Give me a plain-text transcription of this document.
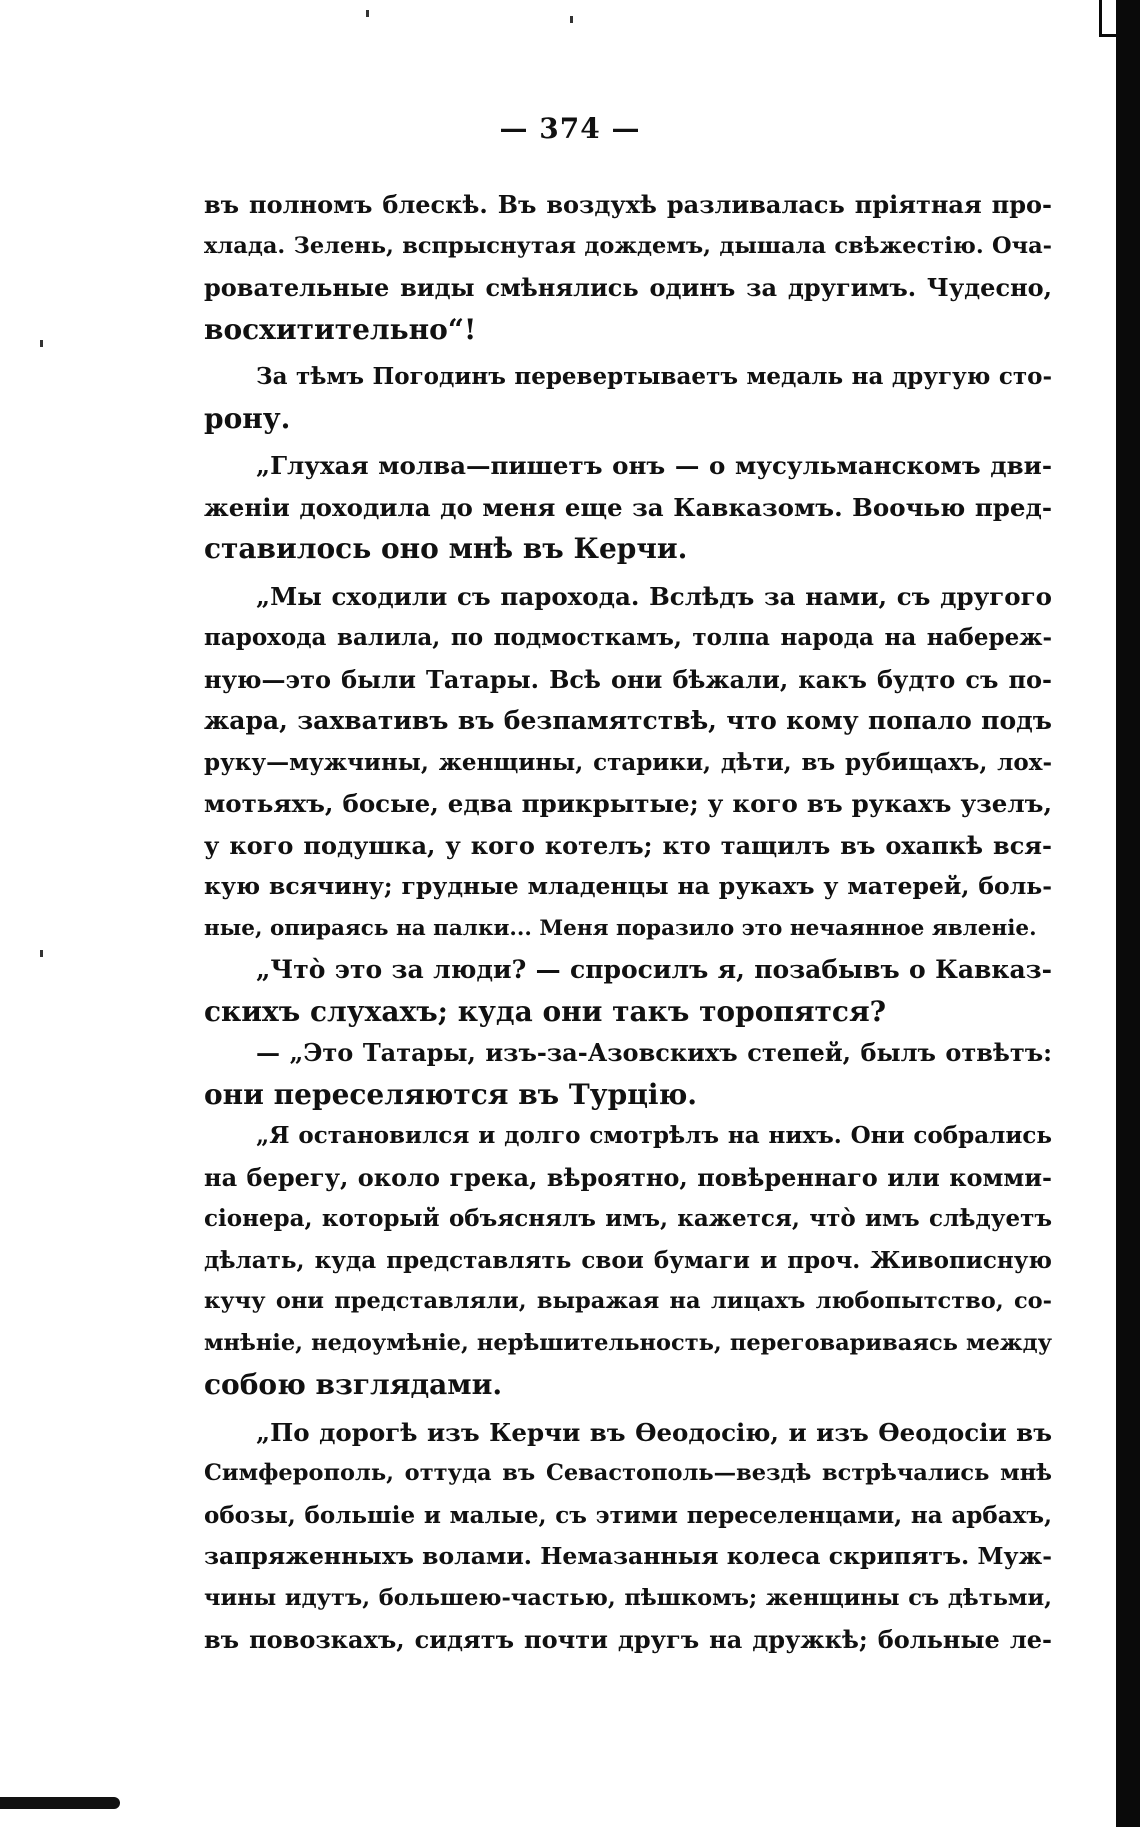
— 374 —
въ полномъ блескѣ. Въ воздухѣ разливалась пріятная про-
хлада. Зелень, вспрыснутая дождемъ, дышала свѣжестію. Оча-
ровательные виды смѣнялись одинъ за другимъ. Чудесно,
восхитительно“!
За тѣмъ Погодинъ перевертываетъ медаль на другую сто-
рону.
„Глухая молва—пишетъ онъ — о мусульманскомъ дви-
женіи доходила до меня еще за Кавказомъ. Воочью пред-
ставилось оно мнѣ въ Керчи.
„Мы сходили съ парохода. Вслѣдъ за нами, съ другого
парохода валила, по подмосткамъ, толпа народа на набереж-
ную—это были Татары. Всѣ они бѣжали, какъ будто съ по-
жара, захвативъ въ безпамятствѣ, что кому попало подъ
руку—мужчины, женщины, старики, дѣти, въ рубищахъ, лох-
мотьяхъ, босые, едва прикрытые; у кого въ рукахъ узелъ,
у кого подушка, у кого котелъ; кто тащилъ въ охапкѣ вся-
кую всячину; грудные младенцы на рукахъ у матерей, боль-
ные, опираясь на палки... Меня поразило это нечаянное явленіе.
„Чтò это за люди? — спросилъ я, позабывъ о Кавказ-
скихъ слухахъ; куда они такъ торопятся?
— „Это Татары, изъ-за-Азовскихъ степей, былъ отвѣтъ:
они переселяются въ Турцію.
„Я остановился и долго смотрѣлъ на нихъ. Они собрались
на берегу, около грека, вѣроятно, повѣреннаго или комми-
сіонера, который объяснялъ имъ, кажется, чтò имъ слѣдуетъ
дѣлать, куда представлять свои бумаги и проч. Живописную
кучу они представляли, выражая на лицахъ любопытство, со-
мнѣніе, недоумѣніе, нерѣшительность, переговариваясь между
собою взглядами.
„По дорогѣ изъ Керчи въ Ѳеодосію, и изъ Ѳеодосіи въ
Симферополь, оттуда въ Севастополь—вездѣ встрѣчались мнѣ
обозы, большіе и малые, съ этими переселенцами, на арбахъ,
запряженныхъ волами. Немазанныя колеса скрипятъ. Муж-
чины идутъ, большею-частью, пѣшкомъ; женщины съ дѣтьми,
въ повозкахъ, сидятъ почти другъ на дружкѣ; больные ле-
